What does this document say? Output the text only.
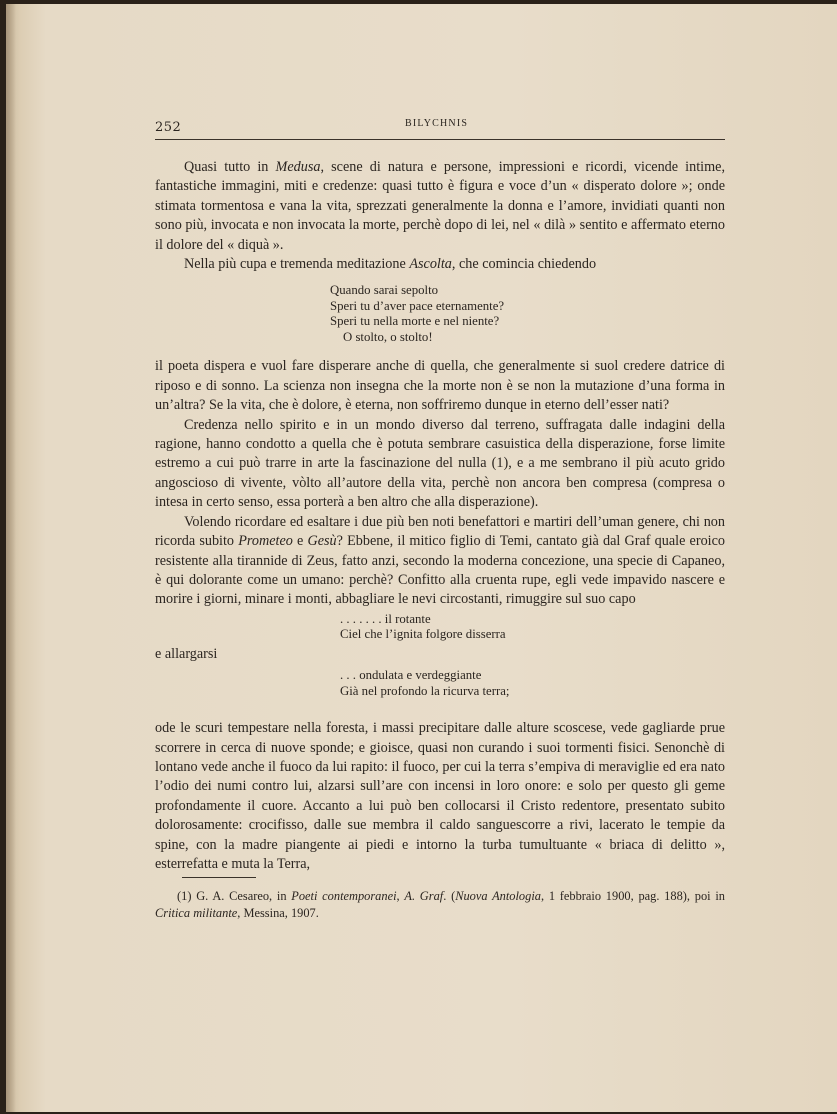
252	BILYCHNIS

Quasi tutto in Medusa, scene di natura e persone, impressioni e ricordi, vicende intime, fantastiche immagini, miti e credenze: quasi tutto è figura e voce d’un « disperato dolore »; onde stimata tormentosa e vana la vita, sprezzati generalmente la donna e l’amore, invidiati quanti non sono più, invocata e non invocata la morte, perchè dopo di lei, nel « dilà » sentito e affermato eterno il dolore del « diquà ».

Nella più cupa e tremenda meditazione Ascolta, che comincia chiedendo

Quando sarai sepolto
Speri tu d’aver pace eternamente?
Speri tu nella morte e nel niente?
O stolto, o stolto!

il poeta dispera e vuol fare disperare anche di quella, che generalmente si suol credere datrice di riposo e di sonno. La scienza non insegna che la morte non è se non la mutazione d’una forma in un’altra? Se la vita, che è dolore, è eterna, non soffriremo dunque in eterno dell’esser nati?

Credenza nello spirito e in un mondo diverso dal terreno, suffragata dalle indagini della ragione, hanno condotto a quella che è potuta sembrare casuistica della disperazione, forse limite estremo a cui può trarre in arte la fascinazione del nulla (1), e a me sembrano il più acuto grido angoscioso di vivente, vòlto all’autore della vita, perchè non ancora ben compresa (compresa o intesa in certo senso, essa porterà a ben altro che alla disperazione).

Volendo ricordare ed esaltare i due più ben noti benefattori e martiri dell’uman genere, chi non ricorda subito Prometeo e Gesù? Ebbene, il mitico figlio di Temi, cantato già dal Graf quale eroico resistente alla tirannide di Zeus, fatto anzi, secondo la moderna concezione, una specie di Capaneo, è qui dolorante come un umano: perchè? Confitto alla cruenta rupe, egli vede impavido nascere e morire i giorni, minare i monti, abbagliare le nevi circostanti, rimuggire sul suo capo

. . . . . . . il rotante
Ciel che l’ignita folgore disserra

e allargarsi

. . . ondulata e verdeggiante
Già nel profondo la ricurva terra;

ode le scuri tempestare nella foresta, i massi precipitare dalle alture scoscese, vede gagliarde prue scorrere in cerca di nuove sponde; e gioisce, quasi non curando i suoi tormenti fisici. Senonchè di lontano vede anche il fuoco da lui rapito: il fuoco, per cui la terra s’empiva di meraviglie ed era nato l’odio dei numi contro lui, alzarsi sull’are con incensi in loro onore: e solo per questo gli geme profondamente il cuore. Accanto a lui può ben collocarsi il Cristo redentore, presentato subito dolorosamente: crocifisso, dalle sue membra il caldo sanguescorre a rivi, lacerato le tempie da spine, con la madre piangente ai piedi e intorno la turba tumultuante « briaca di delitto », esterrefatta e muta la Terra,

(1) G. A. Cesareo, in Poeti contemporanei, A. Graf. (Nuova Antologia, 1 febbraio 1900, pag. 188), poi in Critica militante, Messina, 1907.
